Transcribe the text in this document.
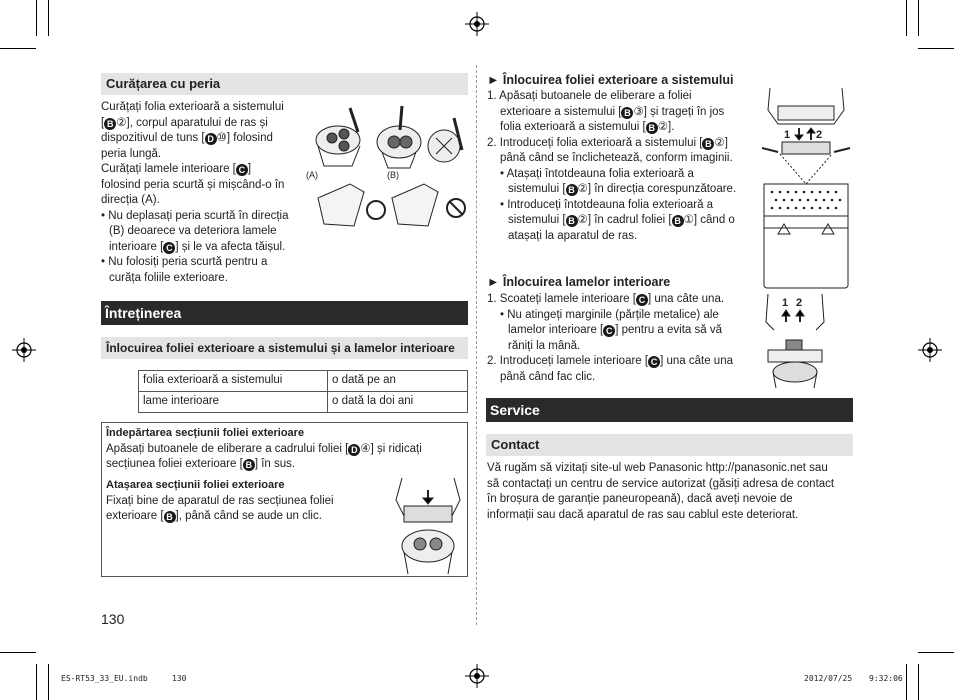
Curățarea cu peria
Curățați folia exterioară a sistemului
[ B ②], corpul aparatului de ras și
dispozitivul de tuns [ D ⑩] folosind
peria lungă.
Curățați lamele interioare [ C ]
folosind peria scurtă și mișcând-o în
direcția (A).
• Nu deplasați peria scurtă în direcția
(B) deoarece va deteriora lamele
interioare [ C ] și le va afecta tăișul.
• Nu folosiți peria scurtă pentru a
curăța foliile exterioare.
(A)	(B)
Întreținerea
Înlocuirea foliei exterioare a sistemului și a lamelor interioare
folia exterioară a sistemului	o dată pe an
lame interioare	o dată la doi ani
Îndepărtarea secțiunii foliei exterioare
Apăsați butoanele de eliberare a cadrului foliei [ D ④] și ridicați
secțiunea foliei exterioare [ B ] în sus.
Atașarea secțiunii foliei exterioare
Fixați bine de aparatul de ras secțiunea foliei
exterioare [ B ], până când se aude un clic.
130
► Înlocuirea foliei exterioare a sistemului
1. Apăsați butoanele de eliberare a foliei
exterioare a sistemului [ B ③] și trageți în jos
folia exterioară a sistemului [ B ②].
2. Introduceți folia exterioară a sistemului [ B ②]
până când se înclichetează, conform imaginii.
• Atașați întotdeauna folia exterioară a
sistemului [ B ②] în direcția corespunzătoare.
• Introduceți întotdeauna folia exterioară a
sistemului [ B ②] în cadrul foliei [ B ①] când o
atașați la aparatul de ras.
1 2
► Înlocuirea lamelor interioare
1. Scoateți lamele interioare [ C ] una câte una.
• Nu atingeți marginile (părțile metalice) ale
lamelor interioare [ C ] pentru a evita să vă
răniți la mână.
2. Introduceți lamele interioare [ C ] una câte una
până când fac clic.
1 2
Service
Contact
Vă rugăm să vizitați site-ul web Panasonic http://panasonic.net sau
să contactați un centru de service autorizat (găsiți adresa de contact
în broșura de garanție paneuropeană), dacă aveți nevoie de
informații sau dacă aparatul de ras sau cablul este deteriorat.
ES-RT53_33_EU.indb	130	2012/07/25 9:32:06
